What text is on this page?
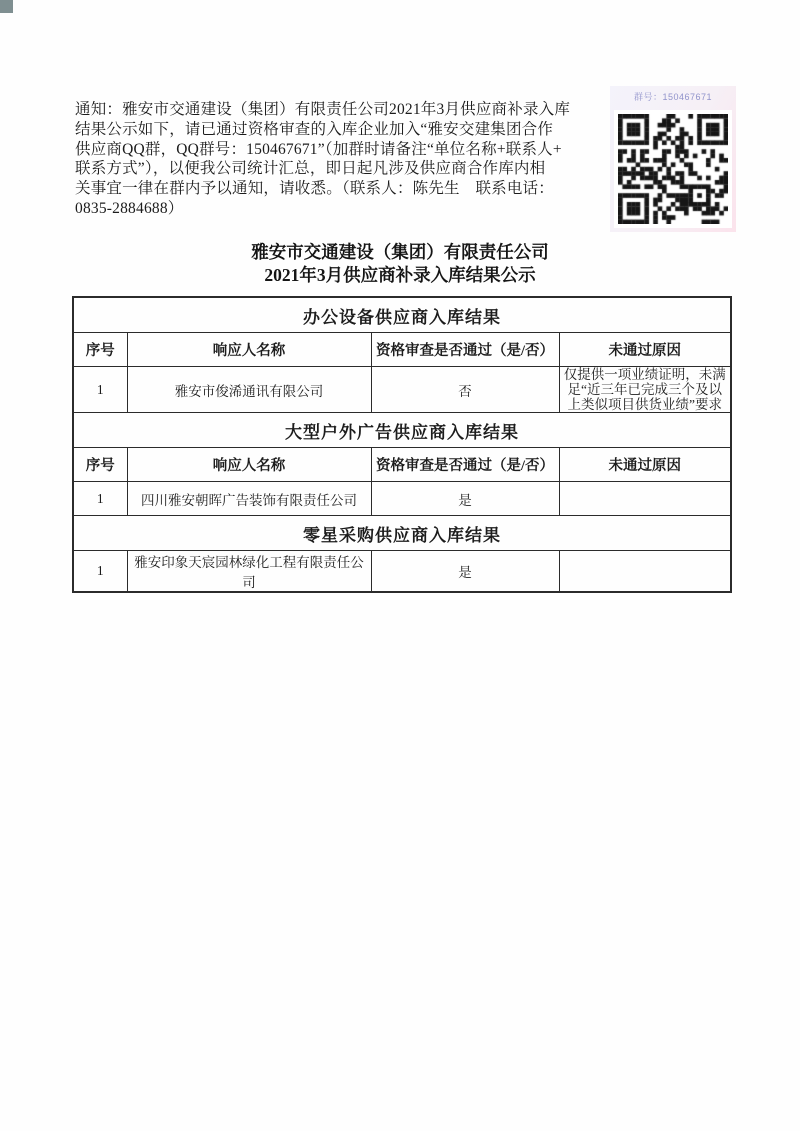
通知：雅安市交通建设（集团）有限责任公司2021年3月供应商补录入库
结果公示如下，请已通过资格审查的入库企业加入“雅安交建集团合作
供应商QQ群，QQ群号：150467671”（加群时请备注“单位名称+联系人+
联系方式”），以便我公司统计汇总，即日起凡涉及供应商合作库内相
关事宜一律在群内予以通知，请收悉。（联系人：陈先生　联系电话：
0835-2884688）
群号：150467671
雅安市交通建设（集团）有限责任公司
2021年3月供应商补录入库结果公示
办公设备供应商入库结果			
序号	响应人名称	资格审查是否通过（是/否）	未通过原因
1	雅安市俊浠通讯有限公司	否	仅提供一项业绩证明，未满足“近三年已完成三个及以上类似项目供货业绩”要求
大型户外广告供应商入库结果			
序号	响应人名称	资格审查是否通过（是/否）	未通过原因
1	四川雅安朝晖广告装饰有限责任公司	是	
零星采购供应商入库结果			
1	雅安印象天宸园林绿化工程有限责任公司	是	
